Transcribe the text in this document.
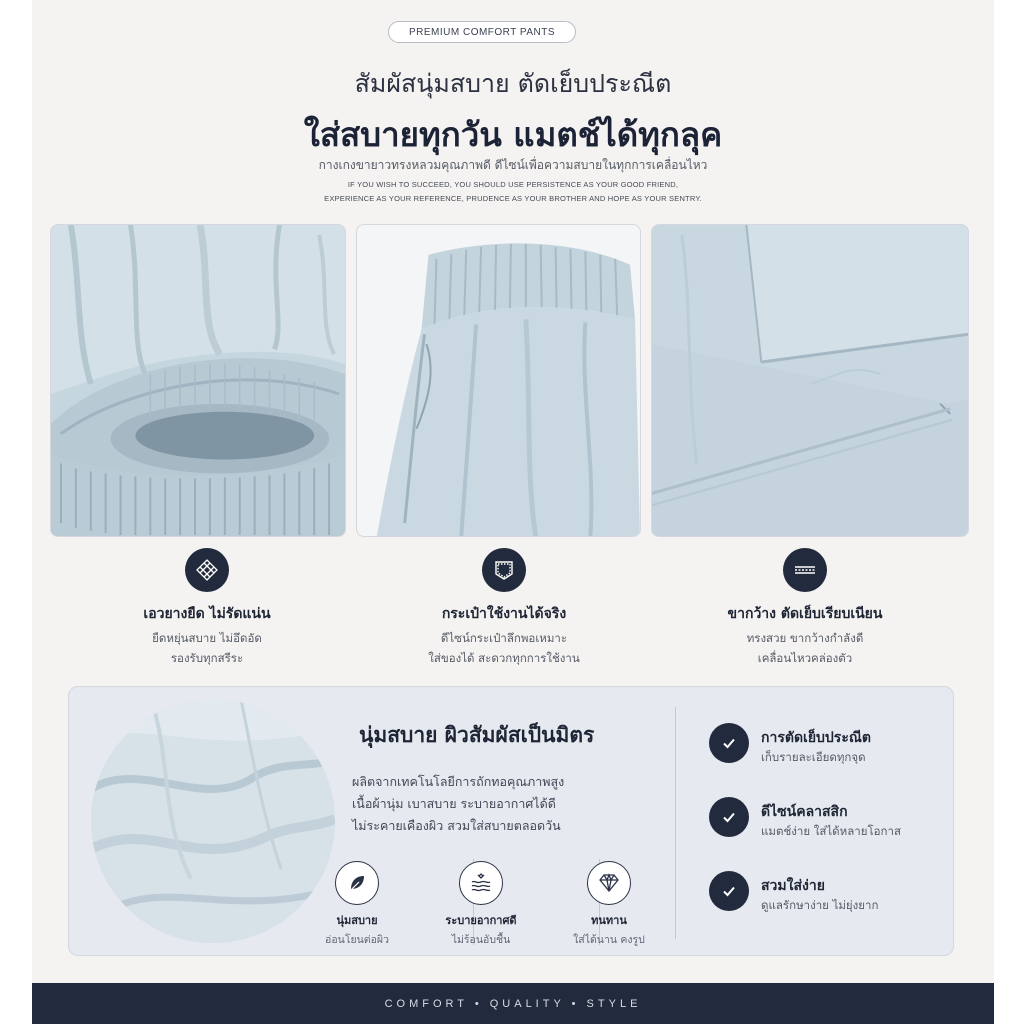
PREMIUM COMFORT PANTS
สัมผัสนุ่มสบาย ตัดเย็บประณีต
ใส่สบายทุกวัน แมตช์ได้ทุกลุค
กางเกงขายาวทรงหลวมคุณภาพดี ดีไซน์เพื่อความสบายในทุกการเคลื่อนไหว
IF YOU WISH TO SUCCEED, YOU SHOULD USE PERSISTENCE AS YOUR GOOD FRIEND,
EXPERIENCE AS YOUR REFERENCE, PRUDENCE AS YOUR BROTHER AND HOPE AS YOUR SENTRY.
เอวยางยืด ไม่รัดแน่น
ยืดหยุ่นสบาย ไม่อึดอัด
รองรับทุกสรีระ
กระเป๋าใช้งานได้จริง
ดีไซน์กระเป๋าลึกพอเหมาะ
ใส่ของได้ สะดวกทุกการใช้งาน
ขากว้าง ตัดเย็บเรียบเนียน
ทรงสวย ขากว้างกำลังดี
เคลื่อนไหวคล่องตัว
นุ่มสบาย ผิวสัมผัสเป็นมิตร
ผลิตจากเทคโนโลยีการถักทอคุณภาพสูง
เนื้อผ้านุ่ม เบาสบาย ระบายอากาศได้ดี
ไม่ระคายเคืองผิว สวมใส่สบายตลอดวัน
นุ่มสบาย
อ่อนโยนต่อผิว
ระบายอากาศดี
ไม่ร้อนอับชื้น
ทนทาน
ใส่ได้นาน คงรูป
การตัดเย็บประณีต
เก็บรายละเอียดทุกจุด
ดีไซน์คลาสสิก
แมตช์ง่าย ใส่ได้หลายโอกาส
สวมใส่ง่าย
ดูแลรักษาง่าย ไม่ยุ่งยาก
COMFORT • QUALITY • STYLE
